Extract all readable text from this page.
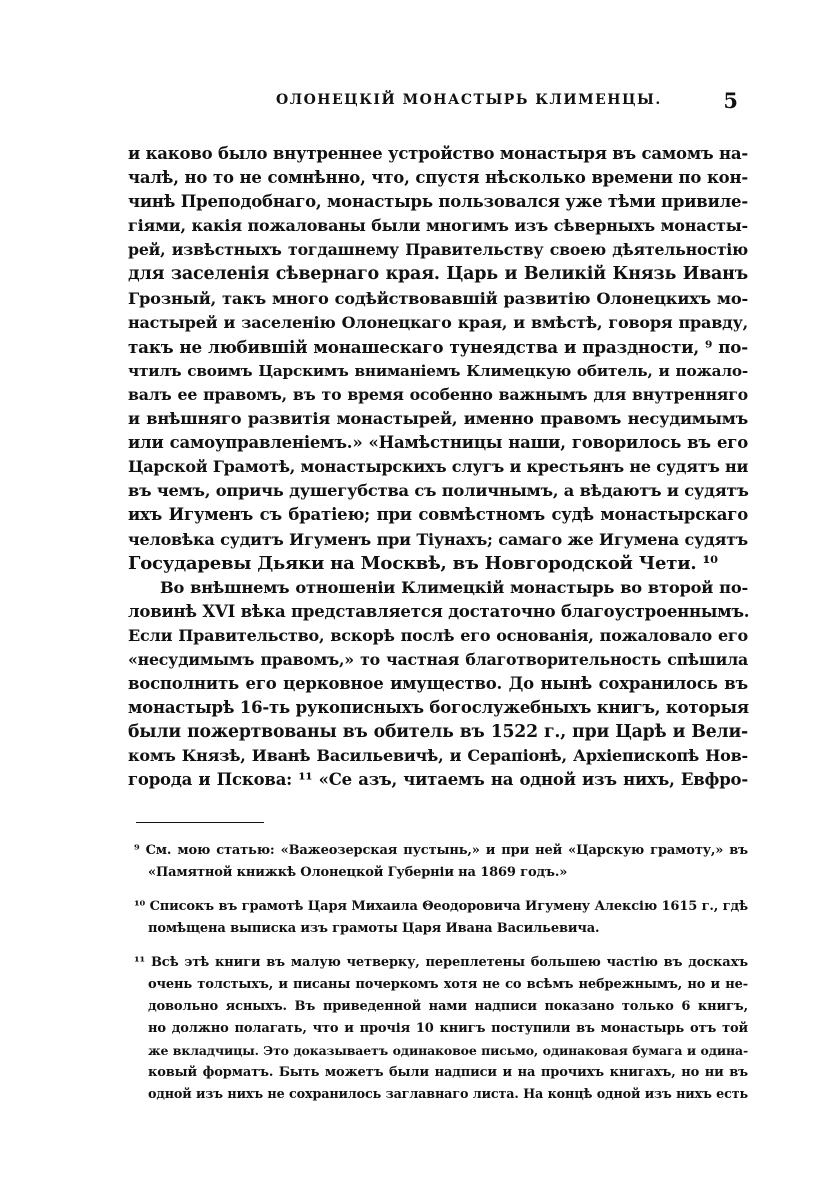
ОЛОНЕЦКІЙ МОНАСТЫРЬ КЛИМЕНЦЫ.	5
и каково было внутреннее устройство монастыря въ самомъ на-
чалѣ, но то не сомнѣнно, что, спустя нѣсколько времени по кон-
чинѣ Преподобнаго, монастырь пользовался уже тѣми привиле-
гіями, какія пожалованы были многимъ изъ сѣверныхъ монасты-
рей, извѣстныхъ тогдашнему Правительству своею дѣятельностію
для заселенія сѣвернаго края. Царь и Великій Князь Иванъ
Грозный, такъ много содѣйствовавшій развитію Олонецкихъ мо-
настырей и заселенію Олонецкаго края, и вмѣстѣ, говоря правду,
такъ не любившій монашескаго тунеядства и праздности, ⁹ по-
чтилъ своимъ Царскимъ вниманіемъ Климецкую обитель, и пожало-
валъ ее правомъ, въ то время особенно важнымъ для внутренняго
и внѣшняго развитія монастырей, именно правомъ несудимымъ
или самоуправленіемъ.» «Намѣстницы наши, говорилось въ его
Царской Грамотѣ, монастырскихъ слугъ и крестьянъ не судятъ ни
въ чемъ, опричь душегубства съ поличнымъ, а вѣдаютъ и судятъ
ихъ Игуменъ съ братіею; при совмѣстномъ судѣ монастырскаго
человѣка судитъ Игуменъ при Тіунахъ; самаго же Игумена судятъ
Государевы Дьяки на Москвѣ, въ Новгородской Чети. ¹⁰
Во внѣшнемъ отношеніи Климецкій монастырь во второй по-
ловинѣ XVI вѣка представляется достаточно благоустроеннымъ.
Если Правительство, вскорѣ послѣ его основанія, пожаловало его
«несудимымъ правомъ,» то частная благотворительность спѣшила
восполнить его церковное имущество. До нынѣ сохранилось въ
монастырѣ 16-ть рукописныхъ богослужебныхъ книгъ, которыя
были пожертвованы въ обитель въ 1522 г., при Царѣ и Вели-
комъ Князѣ, Иванѣ Васильевичѣ, и Серапіонѣ, Архіепископѣ Нов-
города и Пскова: ¹¹ «Се азъ, читаемъ на одной изъ нихъ, Евфро-
⁹ См. мою статью: «Важеозерская пустынь,» и при ней «Царскую грамоту,» въ
«Памятной книжкѣ Олонецкой Губерніи на 1869 годъ.»
¹⁰ Списокъ въ грамотѣ Царя Михаила Θеодоровича Игумену Алексію 1615 г., гдѣ
помѣщена выписка изъ грамоты Царя Ивана Васильевича.
¹¹ Всѣ этѣ книги въ малую четверку, переплетены большею частію въ доскахъ
очень толстыхъ, и писаны почеркомъ хотя не со всѣмъ небрежнымъ, но и не-
довольно ясныхъ. Въ приведенной нами надписи показано только 6 книгъ,
но должно полагать, что и прочія 10 книгъ поступили въ монастырь отъ той
же вкладчицы. Это доказываетъ одинаковое письмо, одинаковая бумага и одина-
ковый форматъ. Быть можетъ были надписи и на прочихъ книгахъ, но ни въ
одной изъ нихъ не сохранилось заглавнаго листа. На концѣ одной изъ нихъ есть
